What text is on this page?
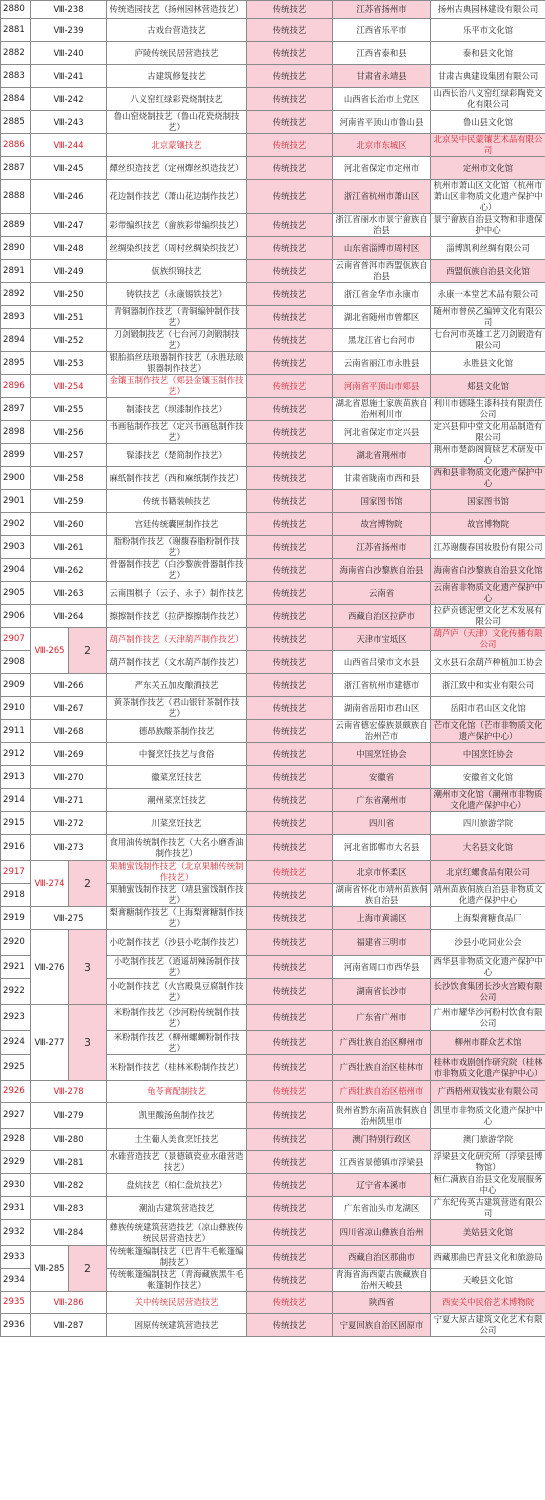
2880	Ⅷ-238		传统造园技艺（扬州园林营造技艺）	传统技艺	江苏省扬州市	扬州古典园林建设有限公司
2881	Ⅷ-239		古戏台营造技艺	传统技艺	江西省乐平市	乐平市文化馆
2882	Ⅷ-240		庐陵传统民居营造技艺	传统技艺	江西省泰和县	泰和县文化馆
2883	Ⅷ-241		古建筑修复技艺	传统技艺	甘肃省永靖县	甘肃古典建设集团有限公司
2884	Ⅷ-242		八义窑红绿彩瓷烧制技艺	传统技艺	山西省长治市上党区	山西长治八义窑红绿彩陶瓷文化有限公司
2885	Ⅷ-243		鲁山窑烧制技艺（鲁山花瓷烧制技艺）	传统技艺	河南省平顶山市鲁山县	鲁山县文化馆
2886	Ⅷ-244		北京蒙镶技艺	传统技艺	北京市东城区	北京吴中民蒙镶艺术品有限公司
2887	Ⅷ-245		燀丝织造技艺（定州燀丝织造技艺）	传统技艺	河北省保定市定州市	定州市文化馆
2888	Ⅷ-246		花边制作技艺（萧山花边制作技艺）	传统技艺	浙江省杭州市萧山区	杭州市萧山区文化馆（杭州市萧山区非物质文化遗产保护中心）
2889	Ⅷ-247		彩带编织技艺（畲族彩带编织技艺）	传统技艺	浙江省丽水市景宁畲族自治县	景宁畲族自治县文物和非遗保护中心
2890	Ⅷ-248		丝绸染织技艺（周村丝绸染织技艺）	传统技艺	山东省淄博市周村区	淄博凯利丝绸有限公司
2891	Ⅷ-249		佤族织锦技艺	传统技艺	云南省普洱市西盟佤族自治县	西盟佤族自治县文化馆
2892	Ⅷ-250		铸铁技艺（永康锡铁技艺）	传统技艺	浙江省金华市永康市	永康一本堂艺术品有限公司
2893	Ⅷ-251		青铜器制作技艺（青铜编钟制作技艺）	传统技艺	湖北省随州市曾都区	随州市曾侯乙编钟文化有限公司
2894	Ⅷ-252		刀剑锻制技艺（七台河刀剑锻制技艺）	传统技艺	黑龙江省七台河市	七台河市英雄工艺刀剑锻造有限公司
2895	Ⅷ-253		银胎掐丝珐琅器制作技艺（永胜珐琅银器制作技艺）	传统技艺	云南省丽江市永胜县	永胜县文化馆
2896	Ⅷ-254		金镶玉制作技艺（郏县金镶玉制作技艺）	传统技艺	河南省平顶山市郏县	郏县文化馆
2897	Ⅷ-255		制漆技艺（坝漆制作技艺）	传统技艺	湖北省恩施土家族苗族自治州利川市	利川市德隆生漆科技有限责任公司
2898	Ⅷ-256		书画毡制作技艺（定兴书画毡制作技艺）	传统技艺	河北省保定市定兴县	定兴县仰中堂文化用品制造有限公司
2899	Ⅷ-257		髹漆技艺（楚简制作技艺）	传统技艺	湖北省荆州市	荆州市楚韵阁简牍艺术研发中心
2900	Ⅷ-258		麻纸制作技艺（西和麻纸制作技艺）	传统技艺	甘肃省陇南市西和县	西和县非物质文化遗产保护中心
2901	Ⅷ-259		传统书籍装帧技艺	传统技艺	国家图书馆	国家图书馆
2902	Ⅷ-260		宫廷传统囊匣制作技艺	传统技艺	故宫博物院	故宫博物院
2903	Ⅷ-261		脂粉制作技艺（谢馥春脂粉制作技艺）	传统技艺	江苏省扬州市	江苏谢馥春国妆股份有限公司
2904	Ⅷ-262		骨器制作技艺（白沙黎族骨器制作技艺）	传统技艺	海南省白沙黎族自治县	海南省白沙黎族自治县文化馆
2905	Ⅷ-263		云南围棋子（云子、永子）制作技艺	传统技艺	云南省	云南省非物质文化遗产保护中心
2906	Ⅷ-264		擦擦制作技艺（拉萨擦擦制作技艺）	传统技艺	西藏自治区拉萨市	拉萨贡德泥塑文化艺术发展有限公司
2907	Ⅷ-265	2	葫芦制作技艺（天津葫芦制作技艺）	传统技艺	天津市宝坻区	葫芦庐（天津）文化传播有限公司
2908			葫芦制作技艺（文水葫芦制作技艺）	传统技艺	山西省吕梁市文水县	文水县石余葫芦种植加工协会
2909	Ⅷ-266		严东关五加皮酿酒技艺	传统技艺	浙江省杭州市建德市	浙江致中和实业有限公司
2910	Ⅷ-267		黄茶制作技艺（君山银针茶制作技艺）	传统技艺	湖南省岳阳市君山区	岳阳市君山区文化馆
2911	Ⅷ-268		德昂族酸茶制作技艺	传统技艺	云南省德宏傣族景颇族自治州芒市	芒市文化馆（芒市非物质文化遗产保护中心）
2912	Ⅷ-269		中餐烹饪技艺与食俗	传统技艺	中国烹饪协会	中国烹饪协会
2913	Ⅷ-270		徽菜烹饪技艺	传统技艺	安徽省	安徽省文化馆
2914	Ⅷ-271		潮州菜烹饪技艺	传统技艺	广东省潮州市	潮州市文化馆（潮州市非物质文化遗产保护中心）
2915	Ⅷ-272		川菜烹饪技艺	传统技艺	四川省	四川旅游学院
2916	Ⅷ-273		食用油传统制作技艺（大名小磨香油制作技艺）	传统技艺	河北省邯郸市大名县	大名县文化馆
2917	Ⅷ-274	2	果脯蜜饯制作技艺（北京果脯传统制作技艺）	传统技艺	北京市怀柔区	北京红螺食品有限公司
2918			果脯蜜饯制作技艺（靖县蜜饯制作技艺）	传统技艺	湖南省怀化市靖州苗族侗族自治县	靖州苗族侗族自治县非物质文化遗产保护中心
2919	Ⅷ-275		梨膏糖制作技艺（上海梨膏糖制作技艺）	传统技艺	上海市黄浦区	上海梨膏糖食品厂
2920	Ⅷ-276	3	小吃制作技艺（沙县小吃制作技艺）	传统技艺	福建省三明市	沙县小吃同业公会
2921			小吃制作技艺（逍遥胡辣汤制作技艺）	传统技艺	河南省周口市西华县	西华县非物质文化遗产保护中心
2922			小吃制作技艺（火宫殿臭豆腐制作技艺）	传统技艺	湖南省长沙市	长沙饮食集团长沙火宫殿有限公司
2923	Ⅷ-277	3	米粉制作技艺（沙河粉传统制作技艺）	传统技艺	广东省广州市	广州市耀华沙河粉村饮食有限公司
2924			米粉制作技艺（柳州螺蛳粉制作技艺）	传统技艺	广西壮族自治区柳州市	柳州市群众艺术馆
2925			米粉制作技艺（桂林米粉制作技艺）	传统技艺	广西壮族自治区桂林市	桂林市戏剧创作研究院（桂林市非物质文化遗产保护中心）
2926	Ⅷ-278		龟苓膏配制技艺	传统技艺	广西壮族自治区梧州市	广西梧州双钱实业有限公司
2927	Ⅷ-279		凯里酸汤鱼制作技艺	传统技艺	贵州省黔东南苗族侗族自治州凯里市	凯里市非物质文化遗产保护中心
2928	Ⅷ-280		土生葡人美食烹饪技艺	传统技艺	澳门特别行政区	澳门旅游学院
2929	Ⅷ-281		水碓营造技艺（景德镇瓷业水碓营造技艺）	传统技艺	江西省景德镇市浮梁县	浮梁县文化研究所（浮梁县博物馆）
2930	Ⅷ-282		盘炕技艺（柏仁盘炕技艺）	传统技艺	辽宁省本溪市	桓仁满族自治县文化发展服务中心
2931	Ⅷ-283		潮汕古建筑营造技艺	传统技艺	广东省汕头市龙湖区	广东纪传英古建筑营造有限公司
2932	Ⅷ-284		彝族传统建筑营造技艺（凉山彝族传统民居营造技艺）	传统技艺	四川省凉山彝族自治州	美姑县文化馆
2933	Ⅷ-285	2	传统帐篷编制技艺（巴青牛毛帐篷编制技艺）	传统技艺	西藏自治区那曲市	西藏那曲巴青县文化和旅游局
2934			传统帐篷编制技艺（青海藏族黑牛毛帐篷制作技艺）	传统技艺	青海省海西蒙古族藏族自治州天峻县	天峻县文化馆
2935	Ⅷ-286		关中传统民居营造技艺	传统技艺	陕西省	西安关中民俗艺术博物院
2936	Ⅷ-287		固原传统建筑营造技艺	传统技艺	宁夏回族自治区固原市	宁夏大原古建筑文化艺术有限公司
